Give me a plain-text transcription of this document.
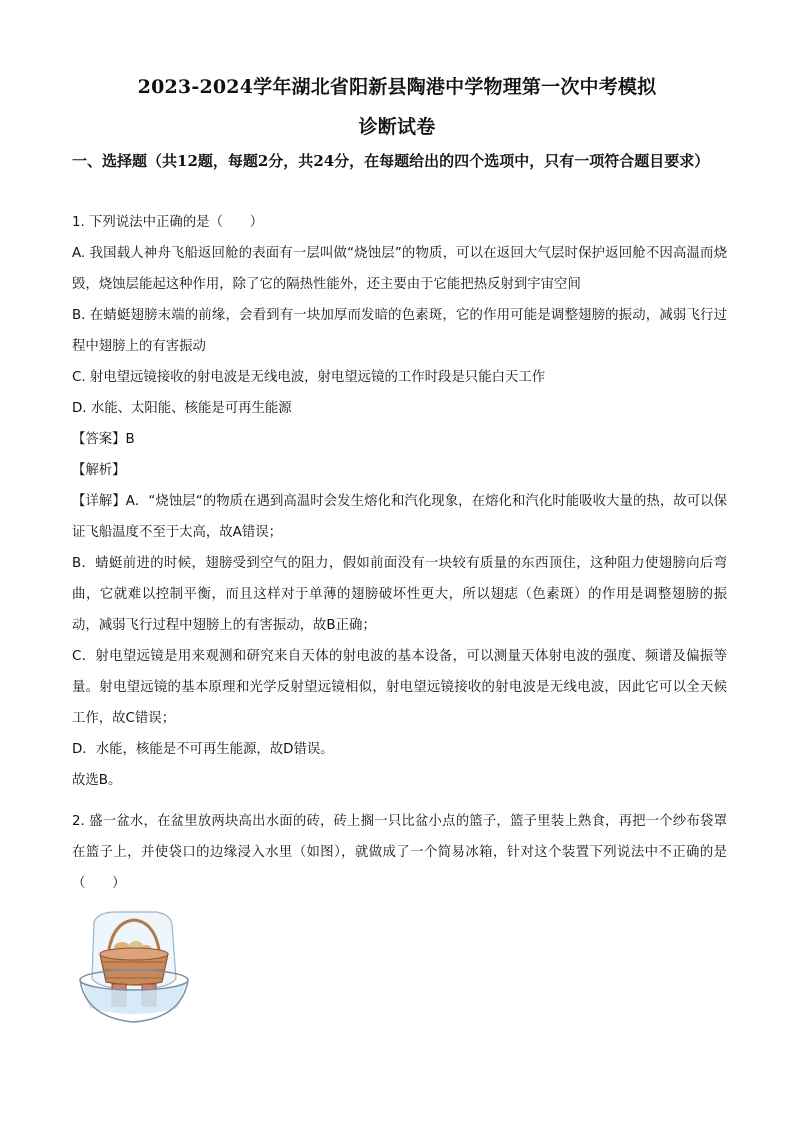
2023-2024学年湖北省阳新县陶港中学物理第一次中考模拟
诊断试卷
一、选择题（共12题，每题2分，共24分，在每题给出的四个选项中，只有一项符合题目要求）

1. 下列说法中正确的是（　　）

A. 我国载人神舟飞船返回舱的表面有一层叫做“烧蚀层”的物质，可以在返回大气层时保护返回舱不因高温而烧毁，烧蚀层能起这种作用，除了它的隔热性能外，还主要由于它能把热反射到宇宙空间

B. 在蜻蜓翅膀末端的前缘，会看到有一块加厚而发暗的色素斑，它的作用可能是调整翅膀的振动，减弱飞行过程中翅膀上的有害振动

C. 射电望远镜接收的射电波是无线电波，射电望远镜的工作时段是只能白天工作

D. 水能、太阳能、核能是可再生能源

【答案】B

【解析】

【详解】A．“烧蚀层“的物质在遇到高温时会发生熔化和汽化现象，在熔化和汽化时能吸收大量的热，故可以保证飞船温度不至于太高，故A错误；

B．蜻蜓前进的时候，翅膀受到空气的阻力，假如前面没有一块较有质量的东西顶住，这种阻力使翅膀向后弯曲，它就难以控制平衡，而且这样对于单薄的翅膀破坏性更大，所以翅痣（色素斑）的作用是调整翅膀的振动，减弱飞行过程中翅膀上的有害振动，故B正确；

C．射电望远镜是用来观测和研究来自天体的射电波的基本设备，可以测量天体射电波的强度、频谱及偏振等量。射电望远镜的基本原理和光学反射望远镜相似，射电望远镜接收的射电波是无线电波，因此它可以全天候工作，故C错误；

D．水能，核能是不可再生能源，故D错误。

故选B。

2. 盛一盆水，在盆里放两块高出水面的砖，砖上搁一只比盆小点的篮子，篮子里装上熟食，再把一个纱布袋罩在篮子上，并使袋口的边缘浸入水里（如图），就做成了一个简易冰箱，针对这个装置下列说法中不正确的是（　　）
